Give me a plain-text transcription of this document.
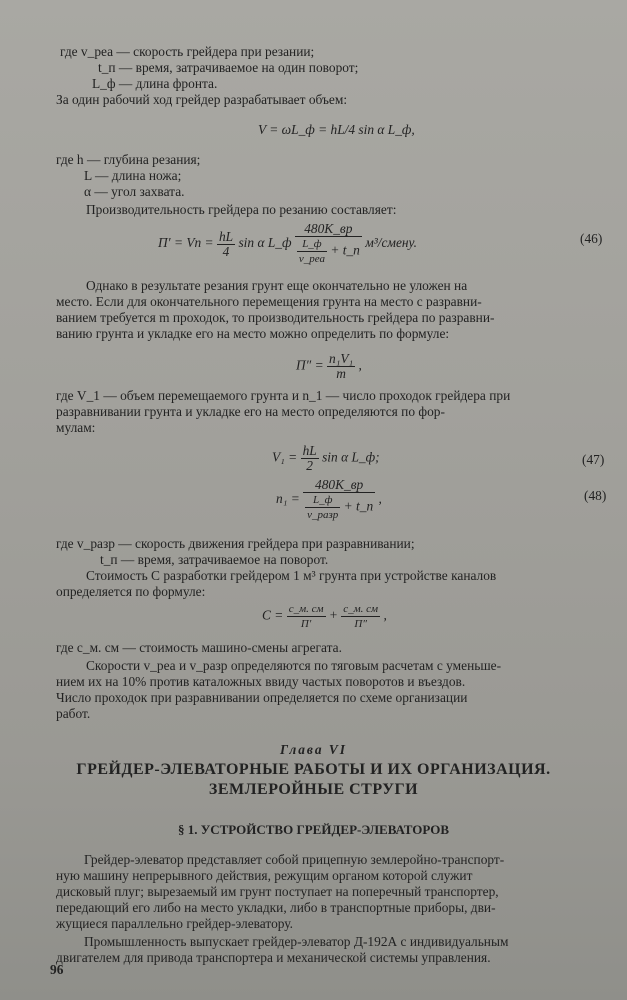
где v_реа — скорость грейдера при резании;
t_п — время, затрачиваемое на один поворот;
L_ф — длина фронта.
За один рабочий ход грейдер разрабатывает объем:
V = ωL_ф = hL/4 sin α L_ф,
где h — глубина резания;
L — длина ножа;
α — угол захвата.
Производительность грейдера по резанию составляет:
$П' = Vn = \frac{hL}{4}$ sin α L_ф $\frac{480K\_вр}{\frac{L\_ф}{\text{v\_реа}} + t\_п}$ м³/смену.	(46)
Однако в результате резания грунт еще окончательно не уложен на
место. Если для окончательного перемещения грунта на место с разравни-
ванием требуется m проходок, то производительность грейдера по разравни-
ванию грунта и укладке его на место можно определить по формуле:
$П'' = \frac{\text{n₁V₁}}{m}$ ,
где V_1 — объем перемещаемого грунта и n_1 — число проходок грейдера при
разравнивании грунта и укладке его на место определяются по фор-
мулам:
$V_1 = \frac{hL}{2}$ sin α L_ф;	(47)
$n_1 = \frac{480K\_вр}{\frac{L\_ф}{\text{v\_разр}} + t\_п}$ ,	(48)
где v_разр — скорость движения грейдера при разравнивании;
t_п — время, затрачиваемое на поворот.
Стоимость C разработки грейдером 1 м³ грунта при устройстве каналов
определяется по формуле:
$C = \frac{c\_м. см}{П'} + \frac{c\_м. см}{П''}$ ,
где c_м. см — стоимость машино-смены агрегата.
Скорости v_реа и v_разр определяются по тяговым расчетам с уменьше-
нием их на 10% против каталожных ввиду частых поворотов и въездов.
Число проходок при разравнивании определяется по схеме организации
работ.
Глава VI
ГРЕЙДЕР-ЭЛЕВАТОРНЫЕ РАБОТЫ И ИХ ОРГАНИЗАЦИЯ.
ЗЕМЛЕРОЙНЫЕ СТРУГИ
§ 1. УСТРОЙСТВО ГРЕЙДЕР-ЭЛЕВАТОРОВ
Грейдер-элеватор представляет собой прицепную землеройно-транспорт-
ную машину непрерывного действия, режущим органом которой служит
дисковый плуг; вырезаемый им грунт поступает на поперечный транспортер,
передающий его либо на место укладки, либо в транспортные приборы, дви-
жущиеся параллельно грейдер-элеватору.
Промышленность выпускает грейдер-элеватор Д-192А с индивидуальным
двигателем для привода транспортера и механической системы управления.
96
